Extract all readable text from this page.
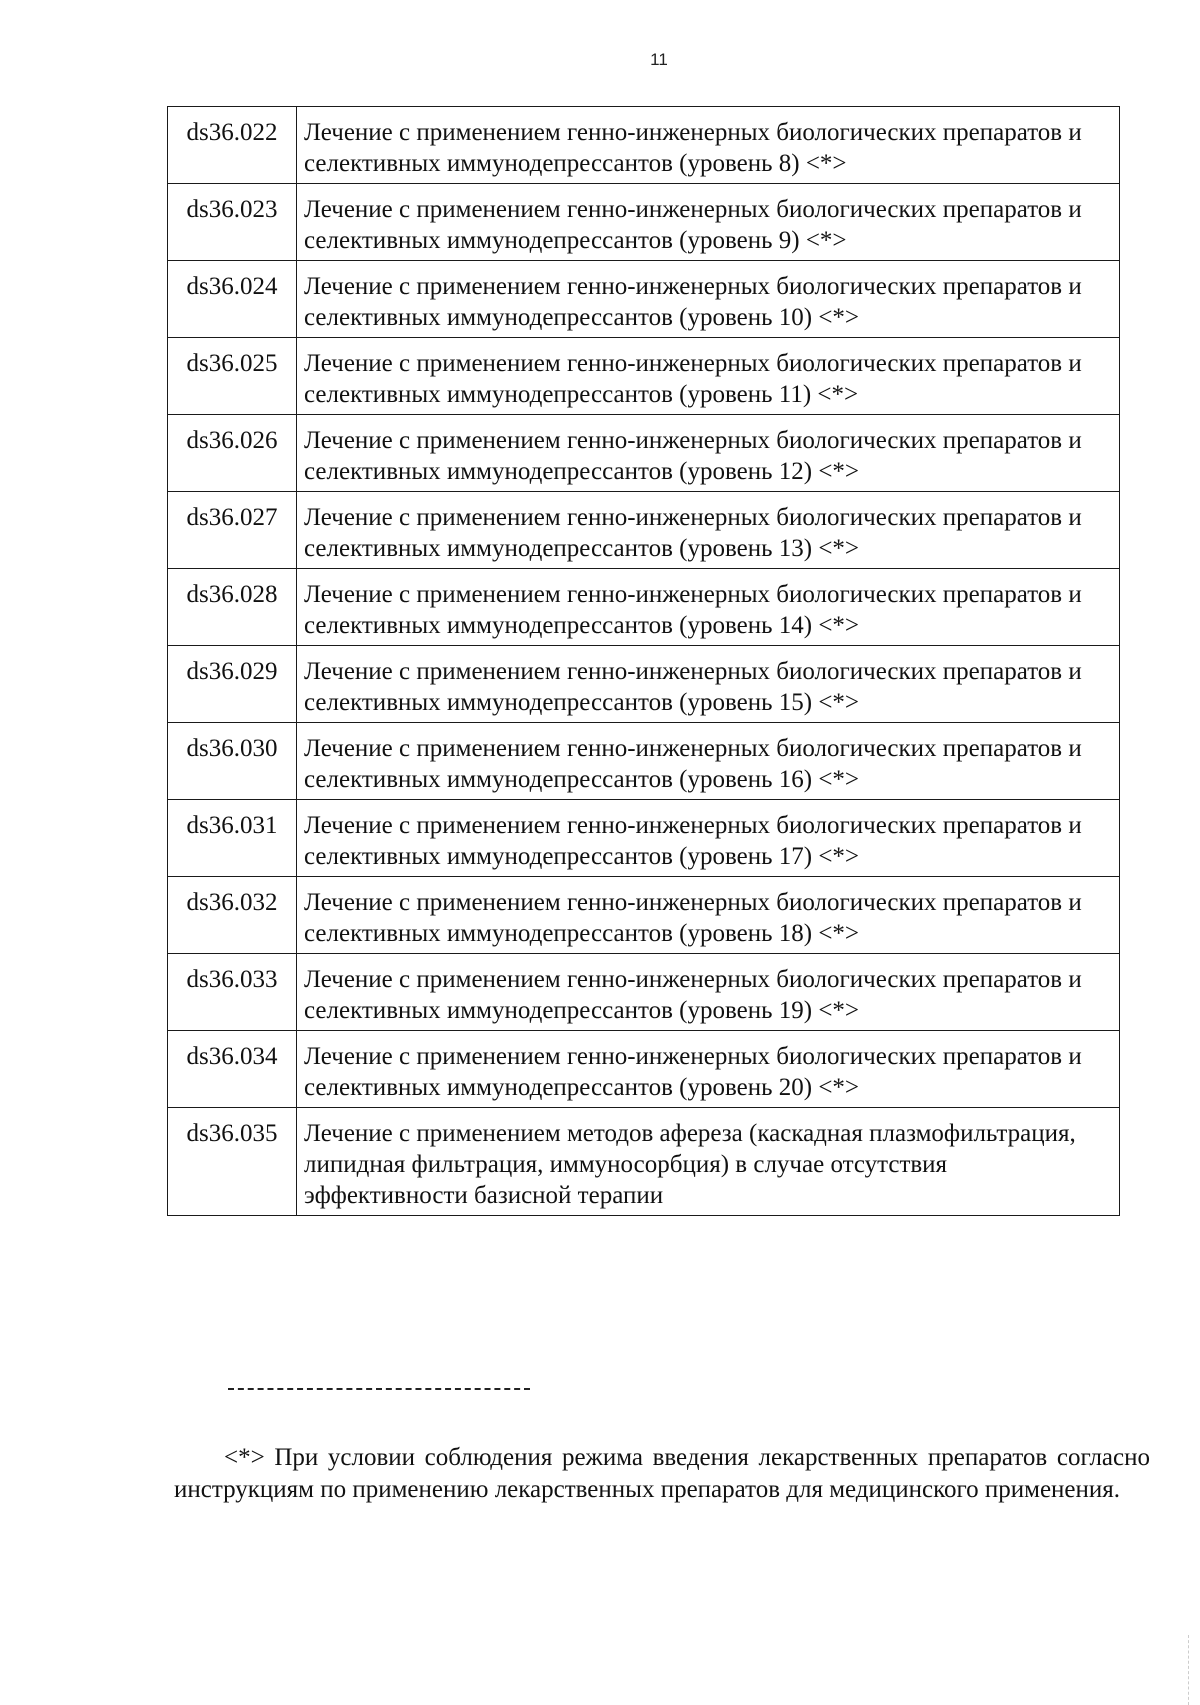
11
ds36.022	Лечение с применением генно-инженерных биологических препаратов и селективных иммунодепрессантов (уровень 8) <*>
ds36.023	Лечение с применением генно-инженерных биологических препаратов и селективных иммунодепрессантов (уровень 9) <*>
ds36.024	Лечение с применением генно-инженерных биологических препаратов и селективных иммунодепрессантов (уровень 10) <*>
ds36.025	Лечение с применением генно-инженерных биологических препаратов и селективных иммунодепрессантов (уровень 11) <*>
ds36.026	Лечение с применением генно-инженерных биологических препаратов и селективных иммунодепрессантов (уровень 12) <*>
ds36.027	Лечение с применением генно-инженерных биологических препаратов и селективных иммунодепрессантов (уровень 13) <*>
ds36.028	Лечение с применением генно-инженерных биологических препаратов и селективных иммунодепрессантов (уровень 14) <*>
ds36.029	Лечение с применением генно-инженерных биологических препаратов и селективных иммунодепрессантов (уровень 15) <*>
ds36.030	Лечение с применением генно-инженерных биологических препаратов и селективных иммунодепрессантов (уровень 16) <*>
ds36.031	Лечение с применением генно-инженерных биологических препаратов и селективных иммунодепрессантов (уровень 17) <*>
ds36.032	Лечение с применением генно-инженерных биологических препаратов и селективных иммунодепрессантов (уровень 18) <*>
ds36.033	Лечение с применением генно-инженерных биологических препаратов и селективных иммунодепрессантов (уровень 19) <*>
ds36.034	Лечение с применением генно-инженерных биологических препаратов и селективных иммунодепрессантов (уровень 20) <*>
ds36.035	Лечение с применением методов афереза (каскадная плазмофильтрация, липидная фильтрация, иммуносорбция) в случае отсутствия эффективности базисной терапии
<*> При условии соблюдения режима введения лекарственных препаратов согласно инструкциям по применению лекарственных препаратов для медицинского применения.
